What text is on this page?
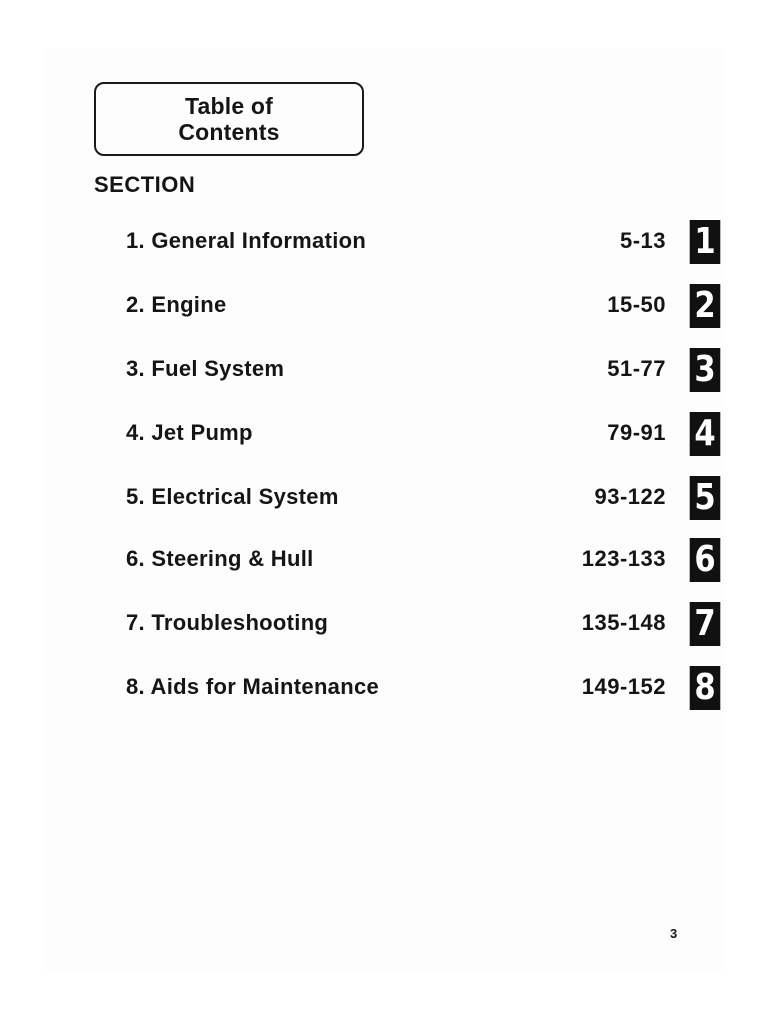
Table of
Contents
SECTION
1. General Information	5-13 1
2. Engine	15-50 2
3. Fuel System	51-77 3
4. Jet Pump	79-91 4
5. Electrical System	93-122 5
6. Steering & Hull	123-133 6
7. Troubleshooting	135-148 7
8. Aids for Maintenance	149-152 8
3
